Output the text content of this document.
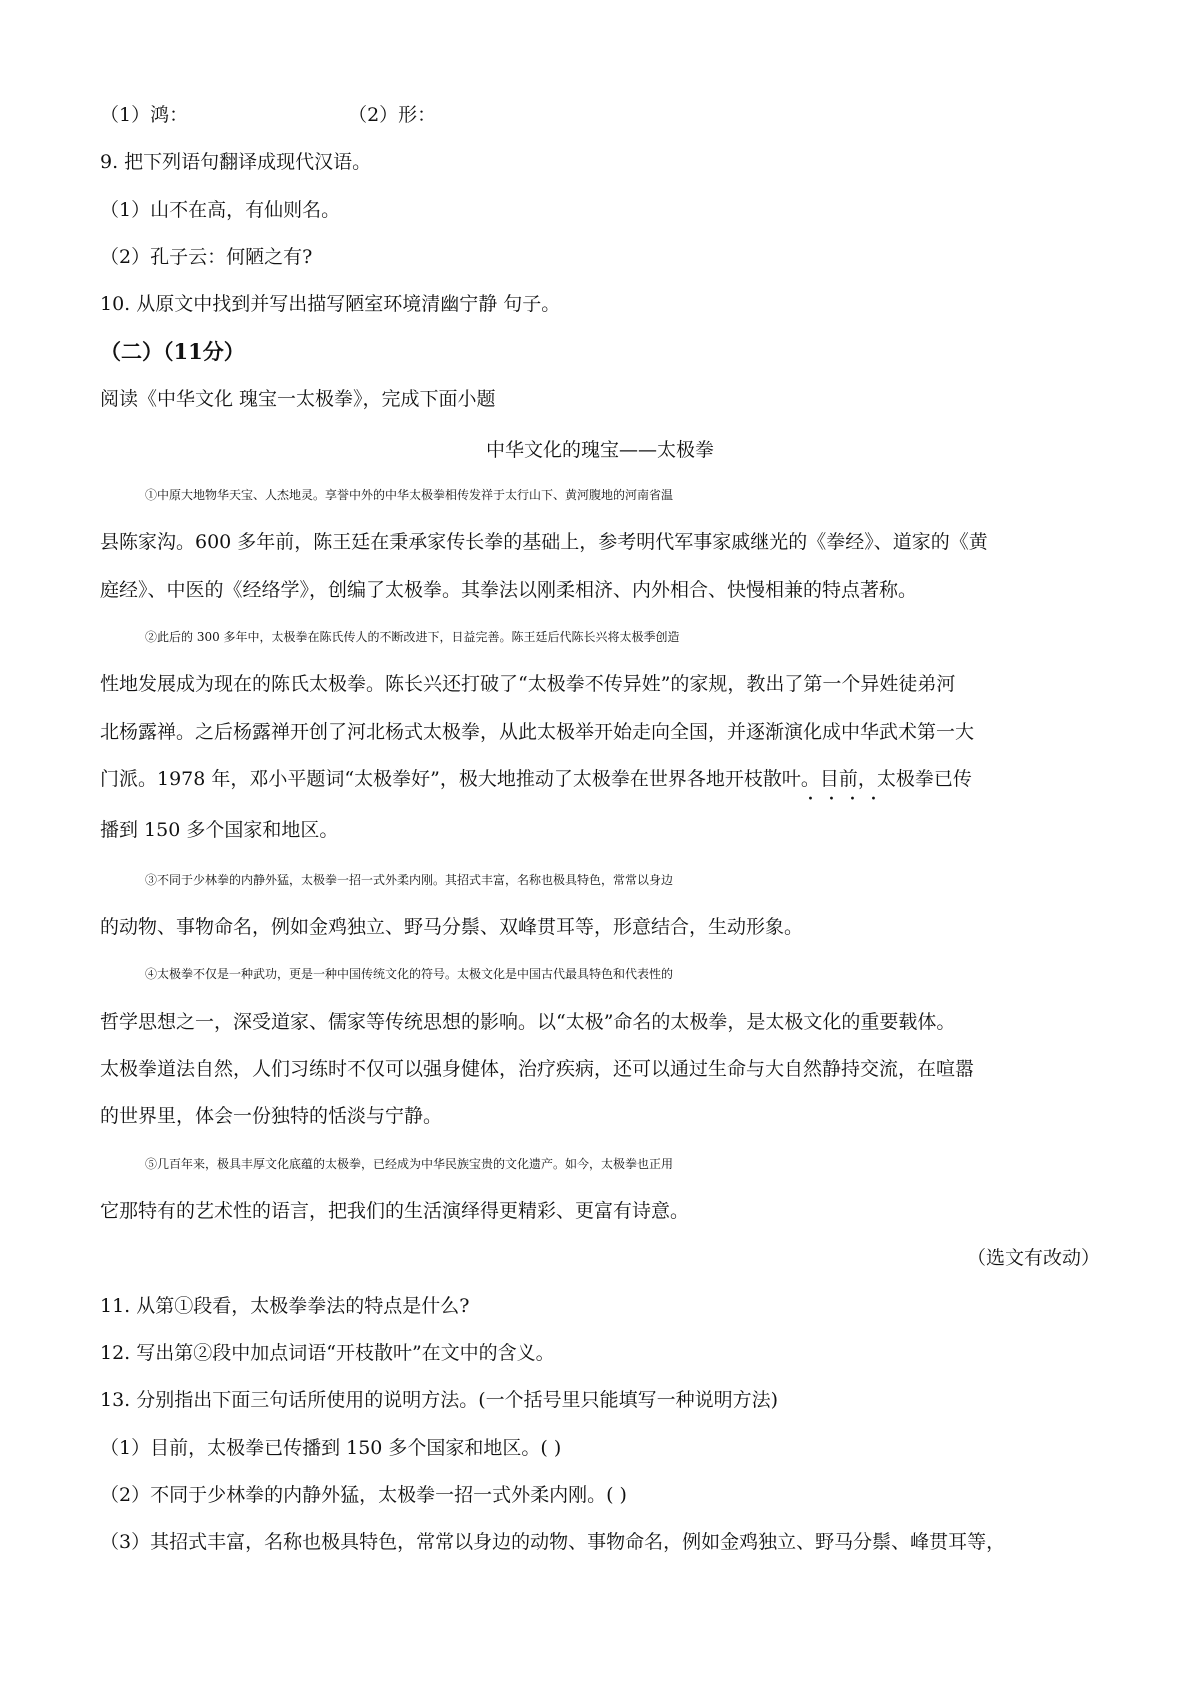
（1）鸿：	（2）形：
9. 把下列语句翻译成现代汉语。
（1）山不在高，有仙则名。
（2）孔子云：何陋之有?
10. 从原文中找到并写出描写陋室环境清幽宁静 句子。
（二）（11分）
阅读《中华文化 瑰宝一太极拳》，完成下面小题
中华文化的瑰宝——太极拳
①中原大地物华天宝、人杰地灵。享誉中外的中华太极拳相传发祥于太行山下、黄河腹地的河南省温
县陈家沟。600 多年前，陈王廷在秉承家传长拳的基础上，参考明代军事家戚继光的《拳经》、道家的《黄
庭经》、中医的《经络学》，创编了太极拳。其拳法以刚柔相济、内外相合、快慢相兼的特点著称。
②此后的 300 多年中，太极拳在陈氏传人的不断改进下，日益完善。陈王廷后代陈长兴将太极季创造
性地发展成为现在的陈氏太极拳。陈长兴还打破了“太极拳不传异姓”的家规，教出了第一个异姓徒弟河
北杨露禅。之后杨露禅开创了河北杨式太极拳，从此太极举开始走向全国，并逐渐演化成中华武术第一大
门派。1978 年，邓小平题词“太极拳好”，极大地推动了太极拳在世界各地开枝散叶。目前，太极拳已传
····
播到 150 多个国家和地区。
③不同于少林拳的内静外猛，太极拳一招一式外柔内刚。其招式丰富，名称也极具特色，常常以身边
的动物、事物命名，例如金鸡独立、野马分鬃、双峰贯耳等，形意结合，生动形象。
④太极拳不仅是一种武功，更是一种中国传统文化的符号。太极文化是中国古代最具特色和代表性的
哲学思想之一，深受道家、儒家等传统思想的影响。以“太极”命名的太极拳，是太极文化的重要载体。
太极拳道法自然，人们习练时不仅可以强身健体，治疗疾病，还可以通过生命与大自然静持交流，在喧嚣
的世界里，体会一份独特的恬淡与宁静。
⑤几百年来，极具丰厚文化底蕴的太极拳，已经成为中华民族宝贵的文化遗产。如今，太极拳也正用
它那特有的艺术性的语言，把我们的生活演绎得更精彩、更富有诗意。
（选文有改动）
11. 从第①段看，太极拳拳法的特点是什么?
12. 写出第②段中加点词语“开枝散叶”在文中的含义。
13. 分别指出下面三句话所使用的说明方法。(一个括号里只能填写一种说明方法)
（1）目前，太极拳已传播到 150 多个国家和地区。( )
（2）不同于少林拳的内静外猛，太极拳一招一式外柔内刚。( )
（3）其招式丰富，名称也极具特色，常常以身边的动物、事物命名，例如金鸡独立、野马分鬃、峰贯耳等，
